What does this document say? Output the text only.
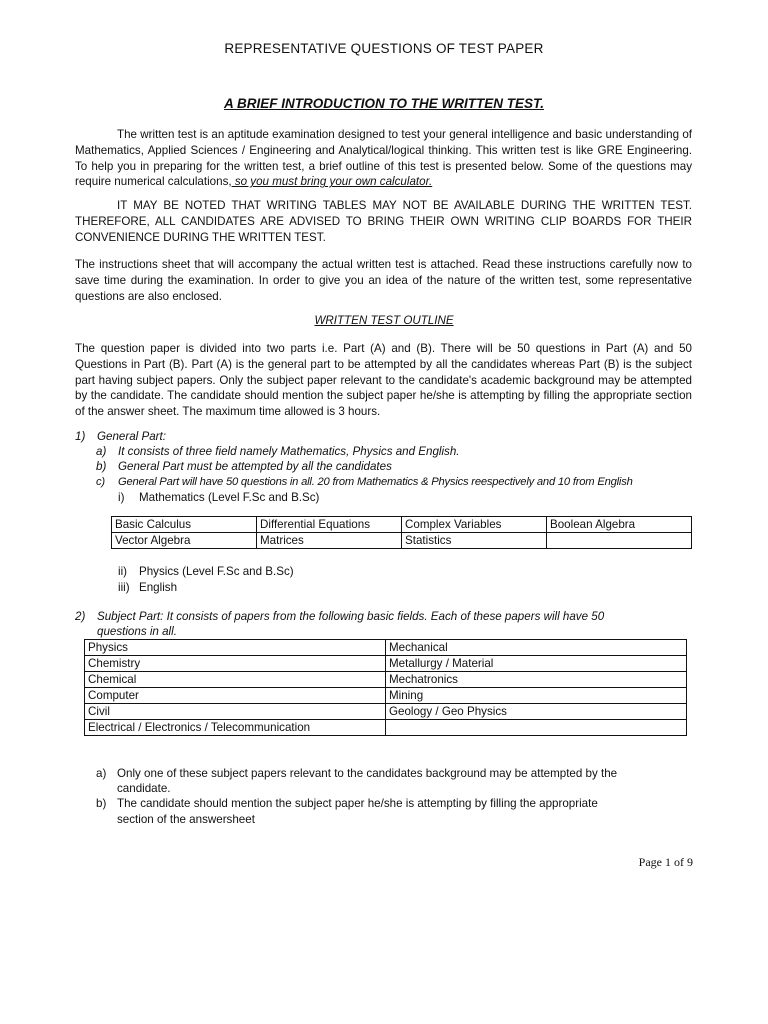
REPRESENTATIVE QUESTIONS OF TEST PAPER
A BRIEF INTRODUCTION TO THE WRITTEN TEST.
The written test is an aptitude examination designed to test your general intelligence and basic understanding of Mathematics, Applied Sciences / Engineering and Analytical/logical thinking. This written test is like GRE Engineering. To help you in preparing for the written test, a brief outline of this test is presented below. Some of the questions may require numerical calculations, so you must bring your own calculator.
IT MAY BE NOTED THAT WRITING TABLES MAY NOT BE AVAILABLE DURING THE WRITTEN TEST. THEREFORE, ALL CANDIDATES ARE ADVISED TO BRING THEIR OWN WRITING CLIP BOARDS FOR THEIR CONVENIENCE DURING THE WRITTEN TEST.
The instructions sheet that will accompany the actual written test is attached. Read these instructions carefully now to save time during the examination. In order to give you an idea of the nature of the written test, some representative questions are also enclosed.
WRITTEN TEST OUTLINE
The question paper is divided into two parts i.e. Part (A) and (B). There will be 50 questions in Part (A) and 50 Questions in Part (B). Part (A) is the general part to be attempted by all the candidates whereas Part (B) is the subject part having subject papers. Only the subject paper relevant to the candidate's academic background may be attempted by the candidate. The candidate should mention the subject paper he/she is attempting by filling the appropriate section of the answer sheet. The maximum time allowed is 3 hours.
1) General Part:
a) It consists of three field namely Mathematics, Physics and English.
b) General Part must be attempted by all the candidates
c) General Part will have 50 questions in all. 20 from Mathematics & Physics reespectively and 10 from English
i) Mathematics (Level F.Sc and B.Sc)
Basic Calculus	Differential Equations	Complex Variables	Boolean Algebra
Vector Algebra	Matrices	Statistics	
ii) Physics (Level F.Sc and B.Sc)
iii) English
2) Subject Part: It consists of papers from the following basic fields. Each of these papers will have 50
questions in all.
Physics	Mechanical
Chemistry	Metallurgy / Material
Chemical	Mechatronics
Computer	Mining
Civil	Geology / Geo Physics
Electrical / Electronics / Telecommunication	
a) Only one of these subject papers relevant to the candidates background may be attempted by the
candidate.
b) The candidate should mention the subject paper he/she is attempting by filling the appropriate
section of the answersheet
Page 1 of 9
